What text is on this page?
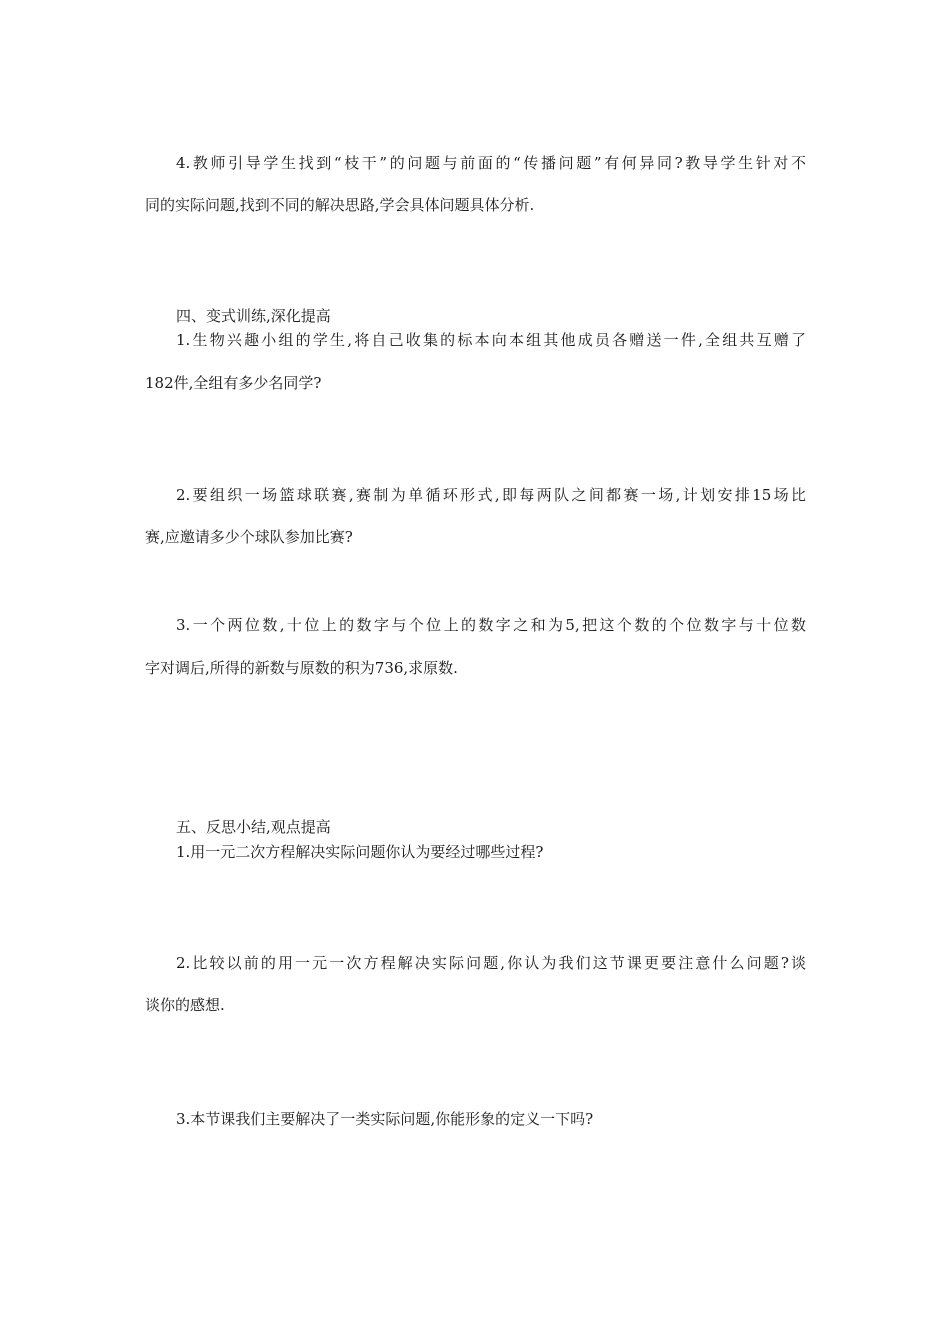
4.教师引导学生找到“枝干”的问题与前面的“传播问题”有何异同?教导学生针对不
同的实际问题,找到不同的解决思路,学会具体问题具体分析.
四、变式训练,深化提高
1.生物兴趣小组的学生,将自己收集的标本向本组其他成员各赠送一件,全组共互赠了
182件,全组有多少名同学?
2.要组织一场篮球联赛,赛制为单循环形式,即每两队之间都赛一场,计划安排15场比
赛,应邀请多少个球队参加比赛?
3.一个两位数,十位上的数字与个位上的数字之和为5,把这个数的个位数字与十位数
字对调后,所得的新数与原数的积为736,求原数.
五、反思小结,观点提高
1.用一元二次方程解决实际问题你认为要经过哪些过程?
2.比较以前的用一元一次方程解决实际问题,你认为我们这节课更要注意什么问题?谈
谈你的感想.
3.本节课我们主要解决了一类实际问题,你能形象的定义一下吗?
